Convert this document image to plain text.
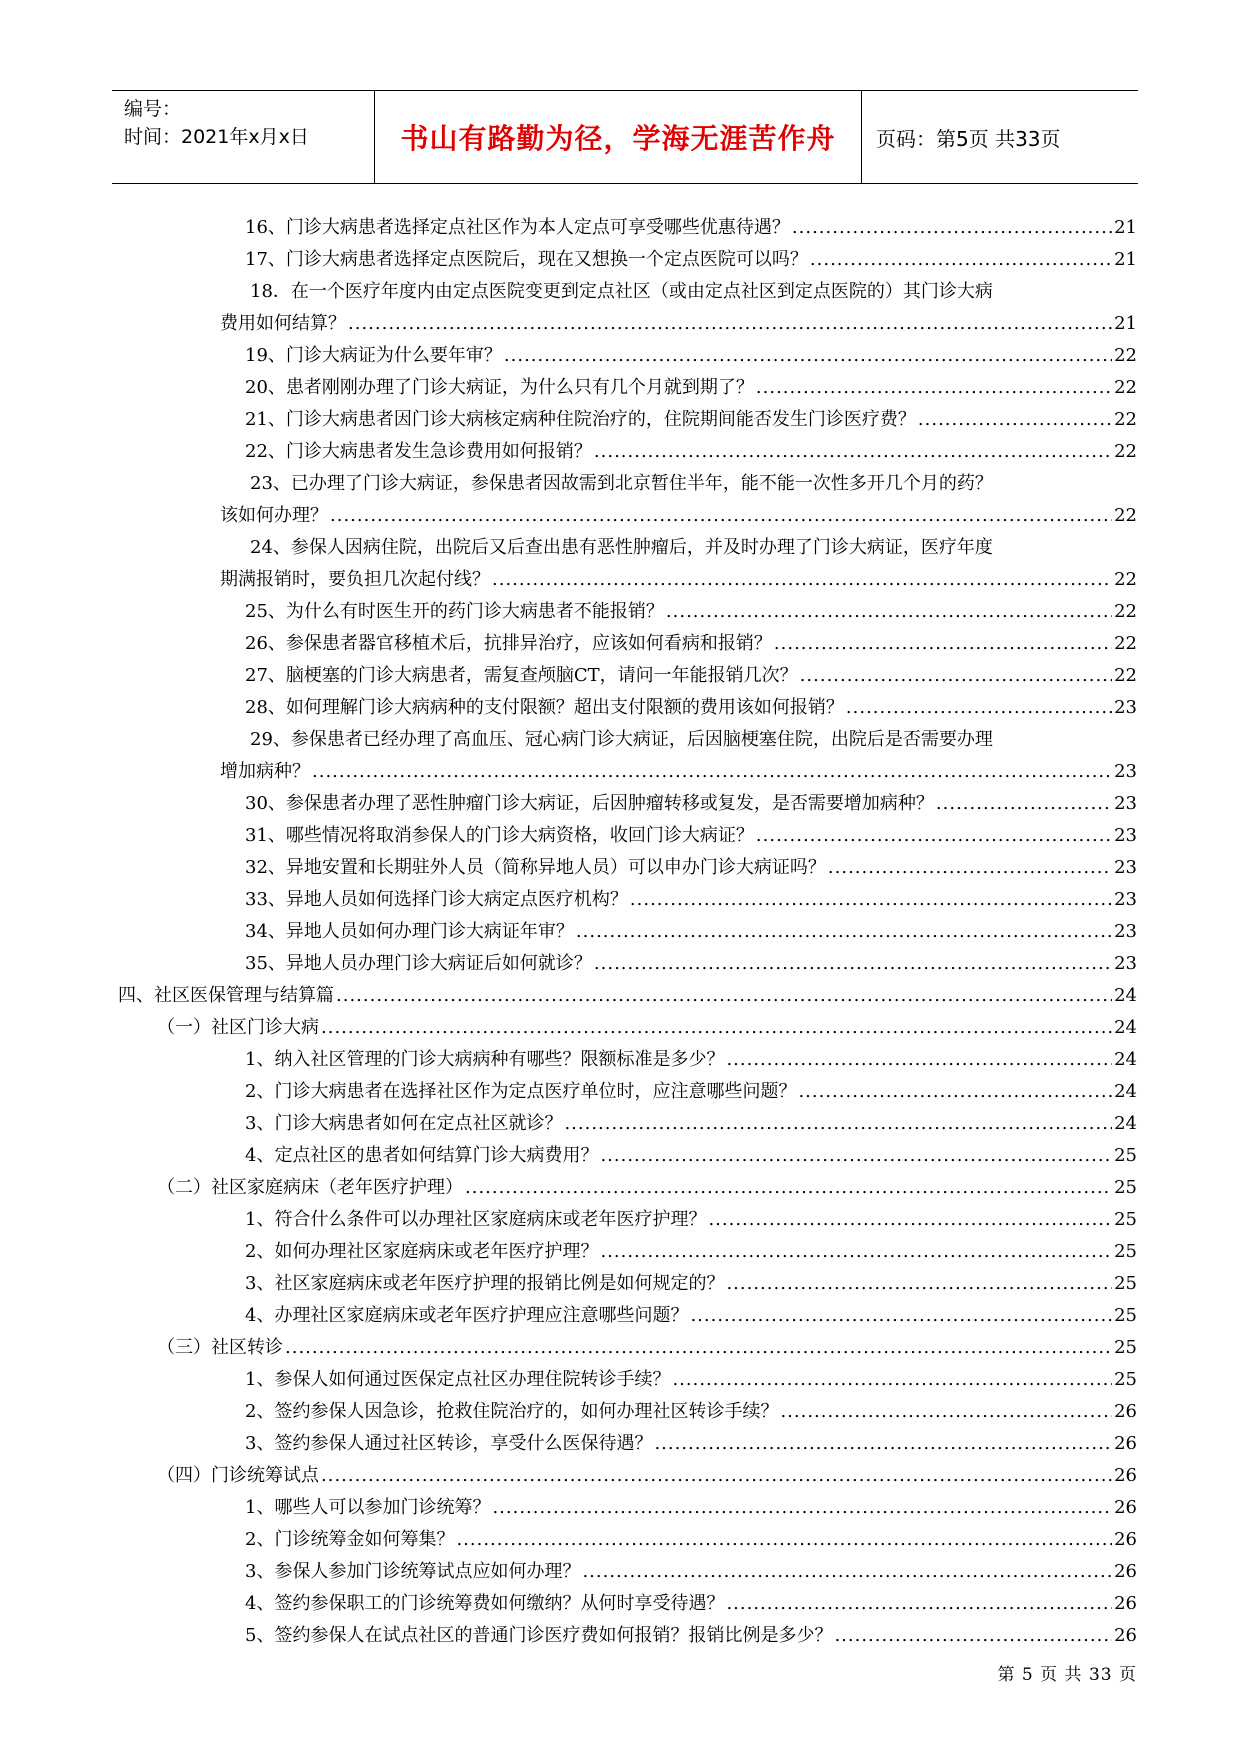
编号：
时间：2021年x月x日	书山有路勤为径，学海无涯苦作舟	页码：第5页 共33页
16、门诊大病患者选择定点社区作为本人定点可享受哪些优惠待遇？ .....	21
17、门诊大病患者选择定点医院后，现在又想换一个定点医院可以吗？ .....	21
18．在一个医疗年度内由定点医院变更到定点社区（或由定点社区到定点医院的）其门诊大病
费用如何结算？ .....	21
19、门诊大病证为什么要年审？ .....	22
20、患者刚刚办理了门诊大病证，为什么只有几个月就到期了？ .....	22
21、门诊大病患者因门诊大病核定病种住院治疗的，住院期间能否发生门诊医疗费？ .....	22
22、门诊大病患者发生急诊费用如何报销？ .....	22
23、已办理了门诊大病证，参保患者因故需到北京暂住半年，能不能一次性多开几个月的药？
该如何办理？ .....	22
24、参保人因病住院，出院后又后查出患有恶性肿瘤后，并及时办理了门诊大病证，医疗年度
期满报销时，要负担几次起付线？ .....	22
25、为什么有时医生开的药门诊大病患者不能报销？ .....	22
26、参保患者器官移植术后，抗排异治疗，应该如何看病和报销？ .....	22
27、脑梗塞的门诊大病患者，需复查颅脑CT，请问一年能报销几次？ .....	22
28、如何理解门诊大病病种的支付限额？超出支付限额的费用该如何报销？ .....	23
29、参保患者已经办理了高血压、冠心病门诊大病证，后因脑梗塞住院，出院后是否需要办理
增加病种？ .....	23
30、参保患者办理了恶性肿瘤门诊大病证，后因肿瘤转移或复发，是否需要增加病种？ .....	23
31、哪些情况将取消参保人的门诊大病资格，收回门诊大病证？ .....	23
32、异地安置和长期驻外人员（简称异地人员）可以申办门诊大病证吗？ .....	23
33、异地人员如何选择门诊大病定点医疗机构？ .....	23
34、异地人员如何办理门诊大病证年审？ .....	23
35、异地人员办理门诊大病证后如何就诊？ .....	23
四、社区医保管理与结算篇 .....	24
（一）社区门诊大病 .....	24
1、纳入社区管理的门诊大病病种有哪些？限额标准是多少？ .....	24
2、门诊大病患者在选择社区作为定点医疗单位时，应注意哪些问题？ .....	24
3、门诊大病患者如何在定点社区就诊？ .....	24
4、定点社区的患者如何结算门诊大病费用？ .....	25
（二）社区家庭病床（老年医疗护理） .....	25
1、符合什么条件可以办理社区家庭病床或老年医疗护理？ .....	25
2、如何办理社区家庭病床或老年医疗护理？ .....	25
3、社区家庭病床或老年医疗护理的报销比例是如何规定的？ .....	25
4、办理社区家庭病床或老年医疗护理应注意哪些问题？ .....	25
（三）社区转诊 .....	25
1、参保人如何通过医保定点社区办理住院转诊手续？ .....	25
2、签约参保人因急诊，抢救住院治疗的，如何办理社区转诊手续？ .....	26
3、签约参保人通过社区转诊，享受什么医保待遇？ .....	26
（四）门诊统筹试点 .....	26
1、哪些人可以参加门诊统筹？ .....	26
2、门诊统筹金如何筹集？ .....	26
3、参保人参加门诊统筹试点应如何办理？ .....	26
4、签约参保职工的门诊统筹费如何缴纳？从何时享受待遇？ .....	26
5、签约参保人在试点社区的普通门诊医疗费如何报销？报销比例是多少？ .....	26
第 5 页 共 33 页
